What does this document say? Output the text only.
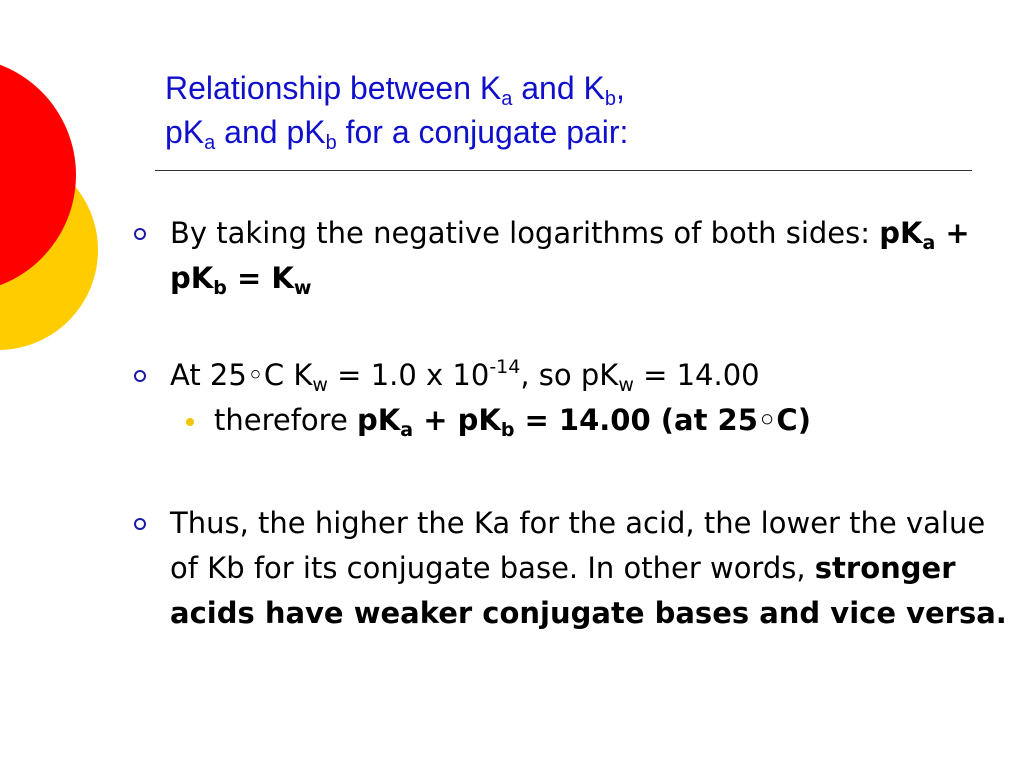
Relationship between $K_a$ and $K_b$,
$pK_a$ and $pK_b$ for a conjugate pair:
By taking the negative logarithms of both sides: $pK_a + pK_b = K_w$
At 25◦C $K_w = 1.0$ x $10^{-14}$, so $pK_w = 14.00$
therefore $pK_a + pK_b = 14.00$ (at 25◦C)
Thus, the higher the Ka for the acid, the lower the value of Kb for its conjugate base. In other words, stronger acids have weaker conjugate bases and vice versa.
